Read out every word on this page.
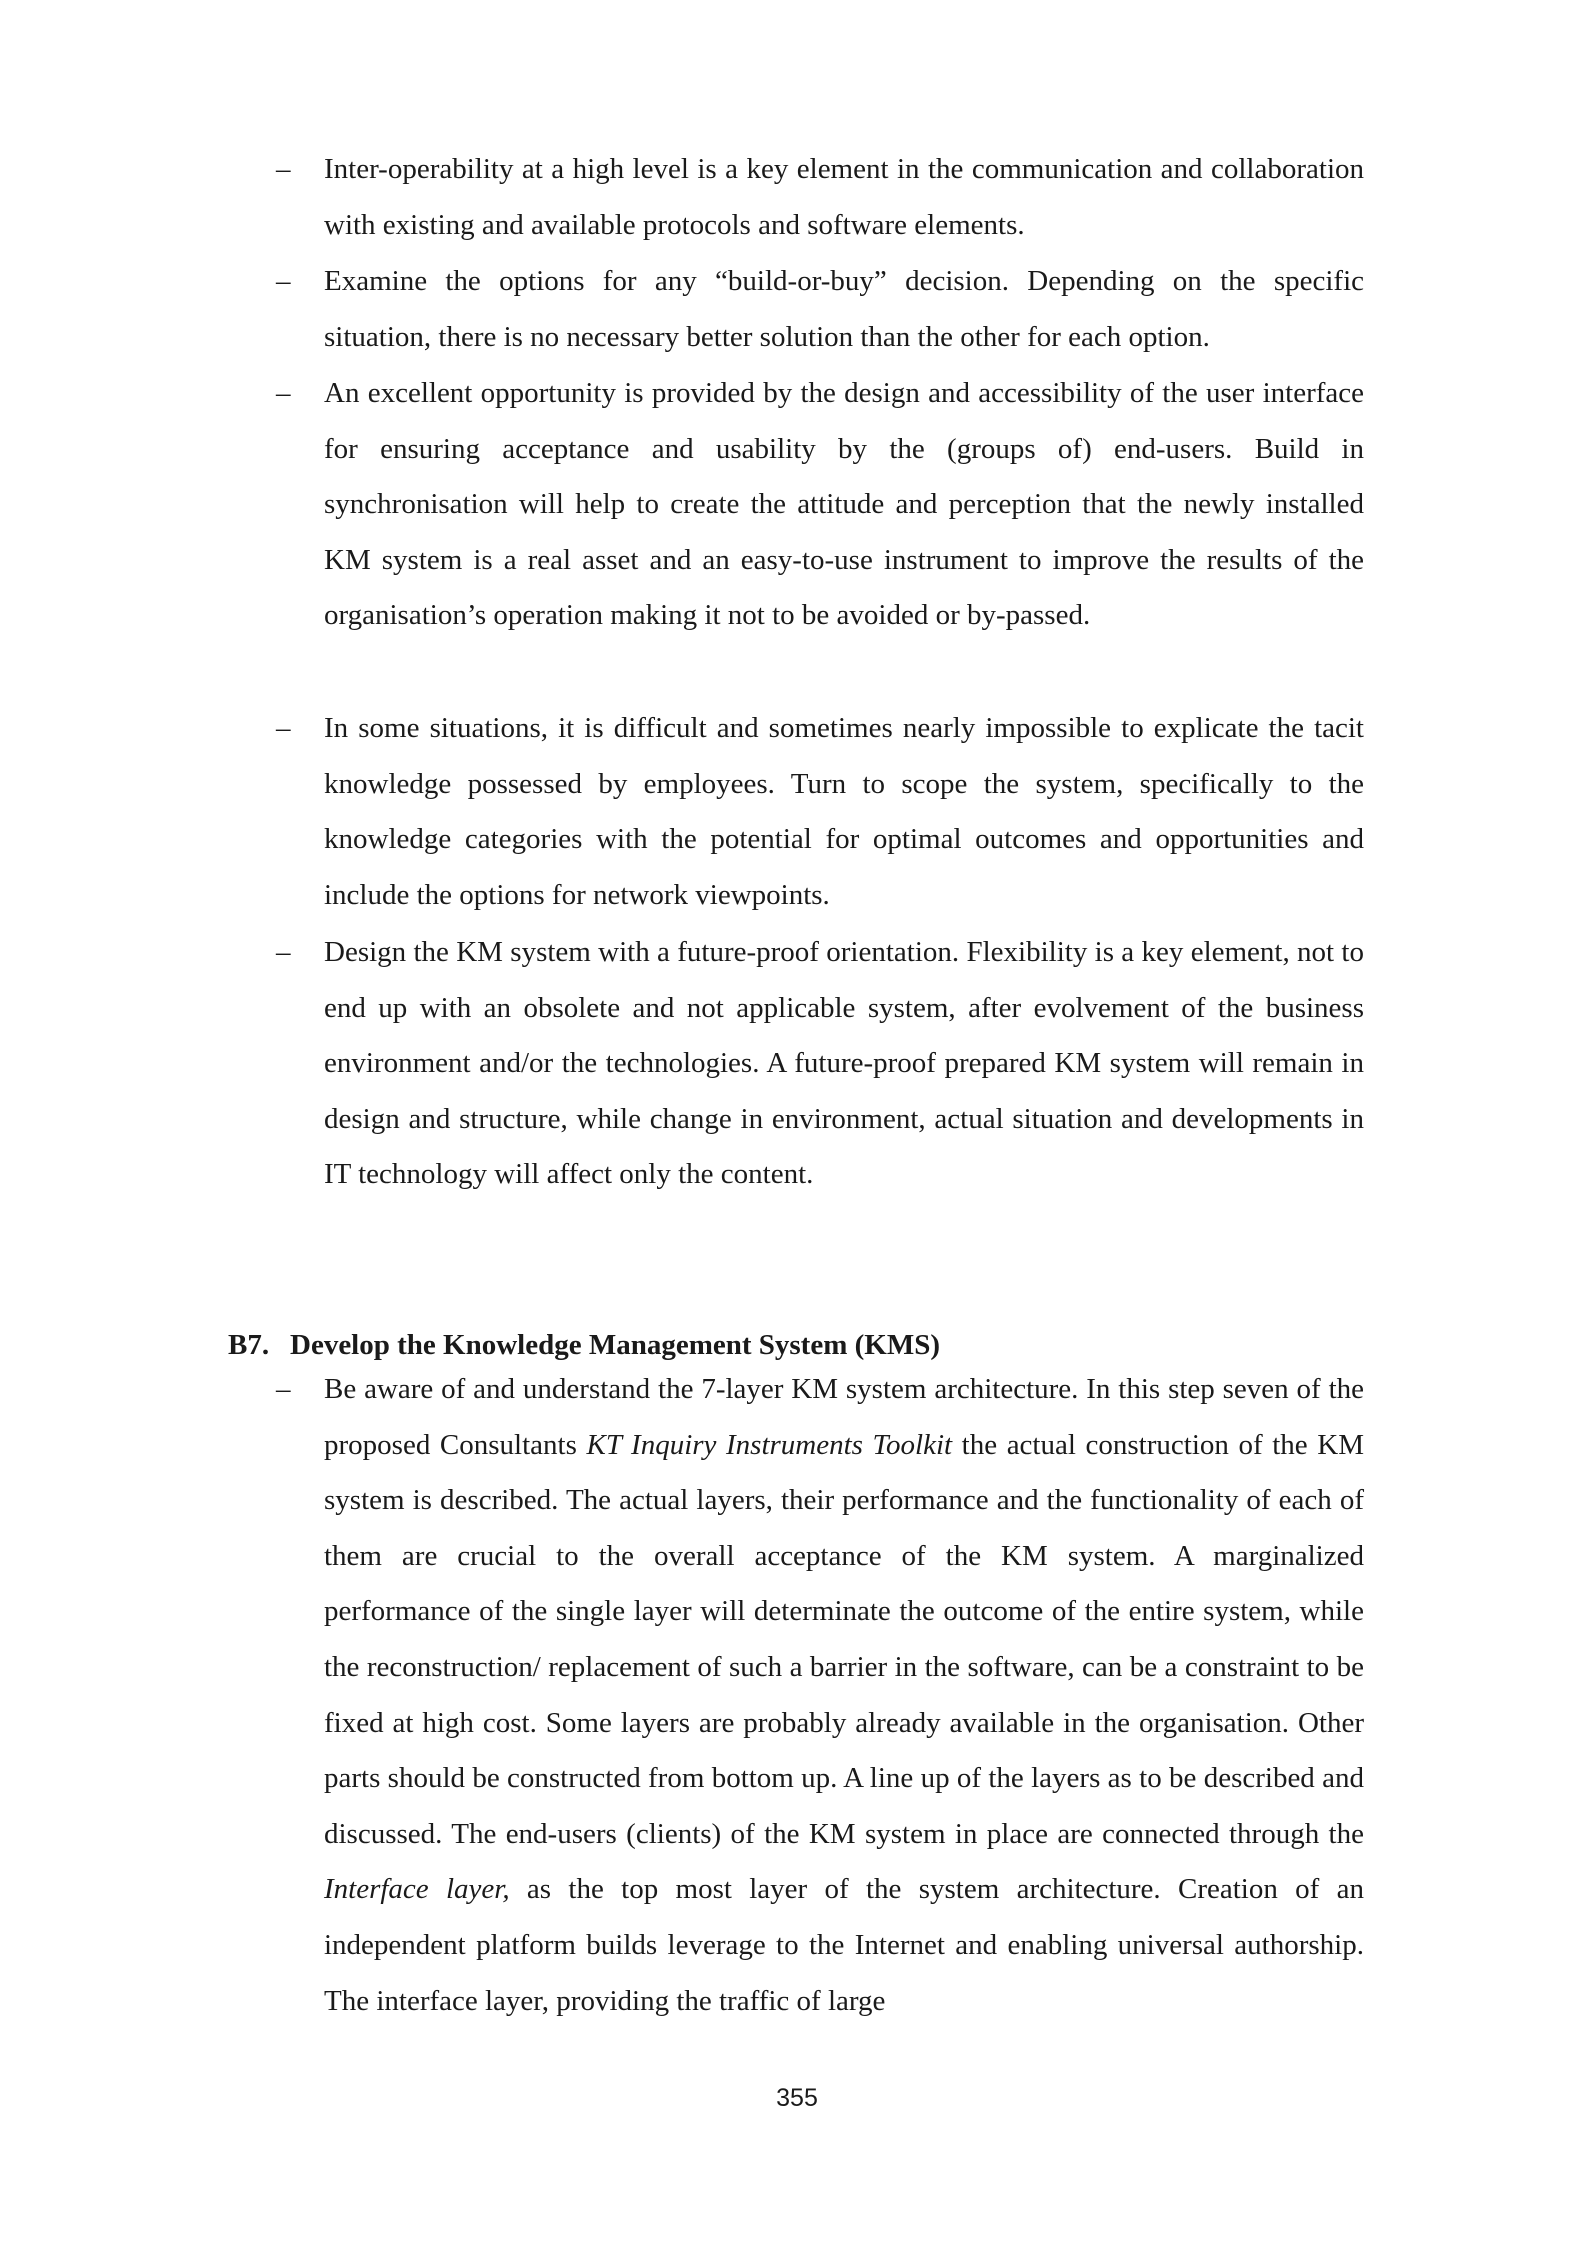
– Inter-operability at a high level is a key element in the communication and collaboration with existing and available protocols and software elements.
– Examine the options for any “build-or-buy” decision. Depending on the specific situation, there is no necessary better solution than the other for each option.
– An excellent opportunity is provided by the design and accessibility of the user interface for ensuring acceptance and usability by the (groups of) end-users. Build in synchronisation will help to create the attitude and perception that the newly installed KM system is a real asset and an easy-to-use instrument to improve the results of the organisation’s operation making it not to be avoided or by-passed.
– In some situations, it is difficult and sometimes nearly impossible to explicate the tacit knowledge possessed by employees. Turn to scope the system, specifically to the knowledge categories with the potential for optimal outcomes and opportunities and include the options for network viewpoints.
– Design the KM system with a future-proof orientation. Flexibility is a key element, not to end up with an obsolete and not applicable system, after evolvement of the business environment and/or the technologies. A future-proof prepared KM system will remain in design and structure, while change in environment, actual situation and developments in IT technology will affect only the content.
B7. Develop the Knowledge Management System (KMS)
– Be aware of and understand the 7-layer KM system architecture. In this step seven of the proposed Consultants KT Inquiry Instruments Toolkit the actual construction of the KM system is described. The actual layers, their performance and the functionality of each of them are crucial to the overall acceptance of the KM system. A marginalized performance of the single layer will determinate the outcome of the entire system, while the reconstruction/ replacement of such a barrier in the software, can be a constraint to be fixed at high cost. Some layers are probably already available in the organisation. Other parts should be constructed from bottom up. A line up of the layers as to be described and discussed. The end-users (clients) of the KM system in place are connected through the Interface layer, as the top most layer of the system architecture. Creation of an independent platform builds leverage to the Internet and enabling universal authorship. The interface layer, providing the traffic of large
355
